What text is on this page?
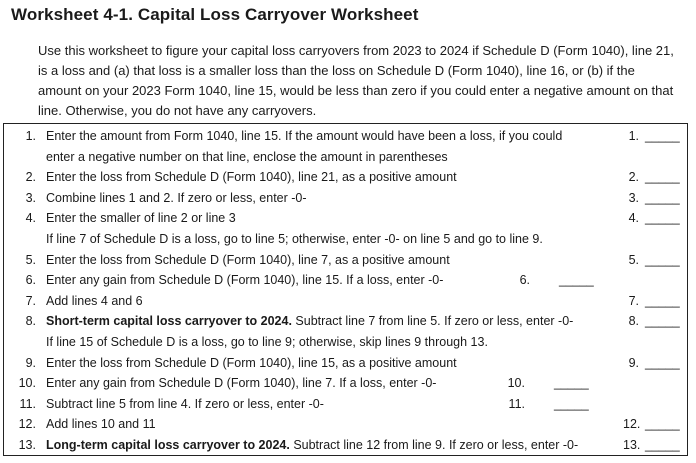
Worksheet 4-1. Capital Loss Carryover Worksheet

Use this worksheet to figure your capital loss carryovers from 2023 to 2024 if Schedule D (Form 1040), line 21, is a loss and (a) that loss is a smaller loss than the loss on Schedule D (Form 1040), line 16, or (b) if the amount on your 2023 Form 1040, line 15, would be less than zero if you could enter a negative amount on that line. Otherwise, you do not have any carryovers.

1. Enter the amount from Form 1040, line 15. If the amount would have been a loss, if you could	1. _____
enter a negative number on that line, enclose the amount in parentheses
2. Enter the loss from Schedule D (Form 1040), line 21, as a positive amount	2. _____
3. Combine lines 1 and 2. If zero or less, enter -0-	3. _____
4. Enter the smaller of line 2 or line 3	4. _____
If line 7 of Schedule D is a loss, go to line 5; otherwise, enter -0- on line 5 and go to line 9.
5. Enter the loss from Schedule D (Form 1040), line 7, as a positive amount	5. _____
6. Enter any gain from Schedule D (Form 1040), line 15. If a loss, enter -0-	6. _____
7. Add lines 4 and 6	7. _____
8. Short-term capital loss carryover to 2024. Subtract line 7 from line 5. If zero or less, enter -0-	8. _____
If line 15 of Schedule D is a loss, go to line 9; otherwise, skip lines 9 through 13.
9. Enter the loss from Schedule D (Form 1040), line 15, as a positive amount	9. _____
10. Enter any gain from Schedule D (Form 1040), line 7. If a loss, enter -0-	10. _____
11. Subtract line 5 from line 4. If zero or less, enter -0-	11. _____
12. Add lines 10 and 11	12. _____
13. Long-term capital loss carryover to 2024. Subtract line 12 from line 9. If zero or less, enter -0-	13. _____
